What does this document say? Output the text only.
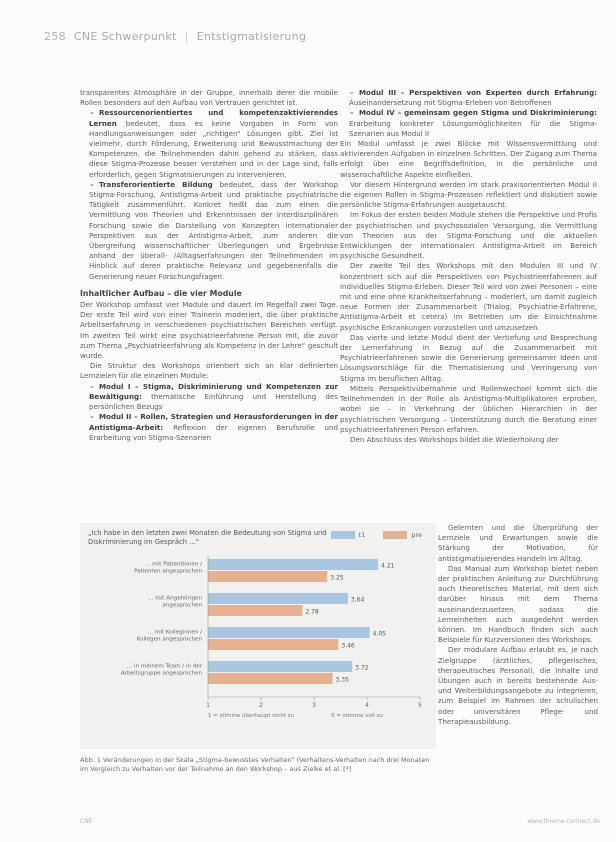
258 CNE Schwerpunkt | Entstigmatisierung

transparentes Atmosphäre in der Gruppe, innerhalb derer die mobile Rollen besonders auf den Aufbau von Vertrauen gerichtet ist.

– Ressourcenorientiertes und kompetenzaktivierendes Lernen bedeutet, dass es keine Vorgaben in Form von Handlungsanweisungen oder „richtigen“ Lösungen gibt. Ziel ist vielmehr, durch Förderung, Erweiterung und Bewusstmachung der Kompetenzen, die Teilnehmenden dahin gehend zu stärken, dass diese Stigma-Prozesse besser verstehen und in der Lage sind, falls erforderlich, gegen Stigmatisierungen zu intervenieren.

– Transferorientierte Bildung bedeutet, dass der Workshop Stigma-Forschung, Antistigma-Arbeit und praktische psychiatrische Tätigkeit zusammenführt. Konkret heißt das zum einen die Vermittlung von Theorien und Erkenntnissen der interdisziplinären Forschung sowie die Darstellung von Konzepten internationaler Perspektiven aus der Antistigma-Arbeit, zum anderen die Übergreifung wissenschaftlicher Überlegungen und Ergebnisse anhand der überall- /Alltagserfahrungen der Teilnehmenden im Hinblick auf deren praktische Relevanz und gegebenenfalls die Generierung neuer Forschungsfragen.

Inhaltlicher Aufbau – die vier Module

Der Workshop umfasst vier Module und dauert im Regelfall zwei Tage. Der erste Teil wird von einer Trainerin moderiert, die über praktische Arbeitserfahrung in verschiedenen psychiatrischen Bereichen verfügt. Im zweiten Teil wirkt eine psychiatrieerfahrene Person mit, die zuvor zum Thema „Psychiatrieerfahrung als Kompetenz in der Lehre“ geschult wurde.

Die Struktur des Workshops orientiert sich an klar definierten Lernzielen für die einzelnen Module:

– Modul I – Stigma, Diskriminierung und Kompetenzen zur Bewältigung: thematische Einführung und Herstellung des persönlichen Bezugs

– Modul II – Rollen, Strategien und Herausforderungen in der Antistigma-Arbeit: Reflexion der eigenen Berufsrolle und Erarbeitung von Stigma-Szenarien

– Modul III – Perspektiven von Experten durch Erfahrung: Auseinandersetzung mit Stigma-Erleben von Betroffenen

– Modul IV – gemeinsam gegen Stigma und Diskriminierung: Erarbeitung konkreter Lösungsmöglichkeiten für die Stigma-Szenarien aus Modul II

Ein Modul umfasst je zwei Blöcke mit Wissensvermittlung und aktivierenden Aufgaben in einzelnen Schritten. Der Zugang zum Thema erfolgt über eine Begriffsdefinition, in die persönliche und wissenschaftliche Aspekte einfließen.

Vor diesem Hintergrund werden im stark praxisorientierten Modul II die eigenen Rollen in Stigma-Prozessen reflektiert und diskutiert sowie persönliche Stigma-Erfahrungen ausgetauscht.

Im Fokus der ersten beiden Module stehen die Perspektive und Profis der psychiatrischen und psychosozialen Versorgung, die Vermittlung von Theorien aus der Stigma-Forschung und die aktuellen Entwicklungen der internationalen Antistigma-Arbeit im Bereich psychische Gesundheit.

Der zweite Teil des Workshops mit den Modulen III und IV konzentriert sich auf die Perspektiven von Psychiatrieerfahrenen auf individuelles Stigma-Erleben. Dieser Teil wird von zwei Personen – eine mit und eine ohne Krankheitserfahrung – moderiert, um damit zugleich neue Formen der Zusammenarbeit (Trialog, Psychiatrie-Erfahrene, Antistigma-Arbeit et cetera) im Betrieben um die Einsichtnahme psychische Erkrankungen vorzustellen und umzusetzen.

Das vierte und letzte Modul dient der Vertiefung und Besprechung der Lernerfahrung in Bezug auf die Zusammenarbeit mit Psychiatrieerfahrenen sowie die Generierung gemeinsamer Ideen und Lösungsvorschläge für die Thematisierung und Verringerung von Stigma im beruflichen Alltag.

Mittels Perspektivübernahme und Rollenwechsel kommt sich die Teilnehmenden in der Rolle als Antistigma-Multiplikatoren erproben, wobei sie – in Verkehrung der üblichen Hierarchien in der psychiatrischen Versorgung – Unterstützung durch die Beratung einer psychiatrieerfahrenen Person erfahren.

Den Abschluss des Workshops bildet die Wiederholung der

„Ich habe in den letzten zwei Monaten die Bedeutung von Stigma und Diskriminierung im Gespräch ...“
t1	pre
… mit Patientinnen / Patienten angesprochen
4.21
3.25
… mit Angehörigen angesprochen
3.64
2.78
… mit Kolleginnen / Kollegen angesprochen
4.05
3.46
… in meinem Team / in der Arbeitsgruppe angesprochen
3.72
3.35
1	2	3	4	5
1 = stimme überhaupt nicht zu	5 = stimme voll zu

Gelernten und die Überprüfung der Lernziele und Erwartungen sowie die Stärkung der Motivation, für antistigmatisierendes Handeln im Alltag.

Das Manual zum Workshop bietet neben der praktischen Anleitung zur Durchführung auch theoretisches Material, mit dem sich darüber hinaus mit dem Thema auseinanderzusetzen, sodass die Lerneinheiten auch ausgedehnt werden können. Im Handbuch finden sich auch Beispiele für Kurzversionen des Workshops.

Der modulare Aufbau erlaubt es, je nach Zielgruppe (ärztliches, pflegerisches, therapeutisches Personal), die Inhalte und Übungen auch in bereits bestehende Aus- und Weiterbildungsangebote zu integrieren, zum Beispiel im Rahmen der schulischen oder universitären Pflege- und Therapieausbildung.

Abb. 1 Veränderungen in der Skala „Stigma-bewusstes Verhalten“ (Verhaltens-Verhalten nach drei Monaten im Vergleich zu Verhalten vor der Teilnahme an den Workshop – aus Zielke et al. [*]
CNE	www.thieme-connect.de
